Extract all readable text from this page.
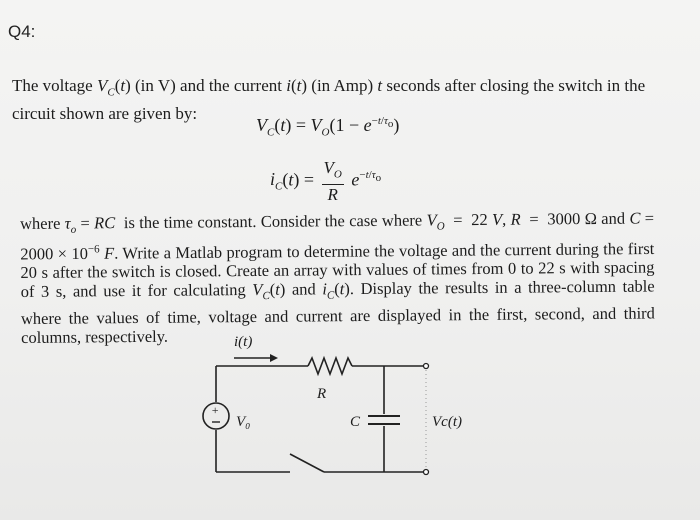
Q4:
The voltage $V_C(t)$ (in V) and the current i(t) (in Amp) t seconds after closing the switch in the circuit shown are given by:
$V_C(t) = V_O(1 - e^{-t/\tau_o})$
$i_C(t) = \frac{V_O}{R} e^{-t/\tau_o}$

where $\tau_o$ = RC  is the time constant. Consider the case where $V_O = 22$ V, R  =  3000 Ω and $C = 2000 \times 10^{-6}$ F. Write a Matlab program to determine the voltage and the current during the first 20 s after the switch is closed. Create an array with values of times from 0 to 22 s with spacing of 3 s, and use it for calculating $V_C(t)$ and $i_C(t)$. Display the results in a three-column table where the values of time, voltage and current are displayed in the first, second, and third columns, respectively.	i(t)
R
C
+
V₀	Vc(t)
